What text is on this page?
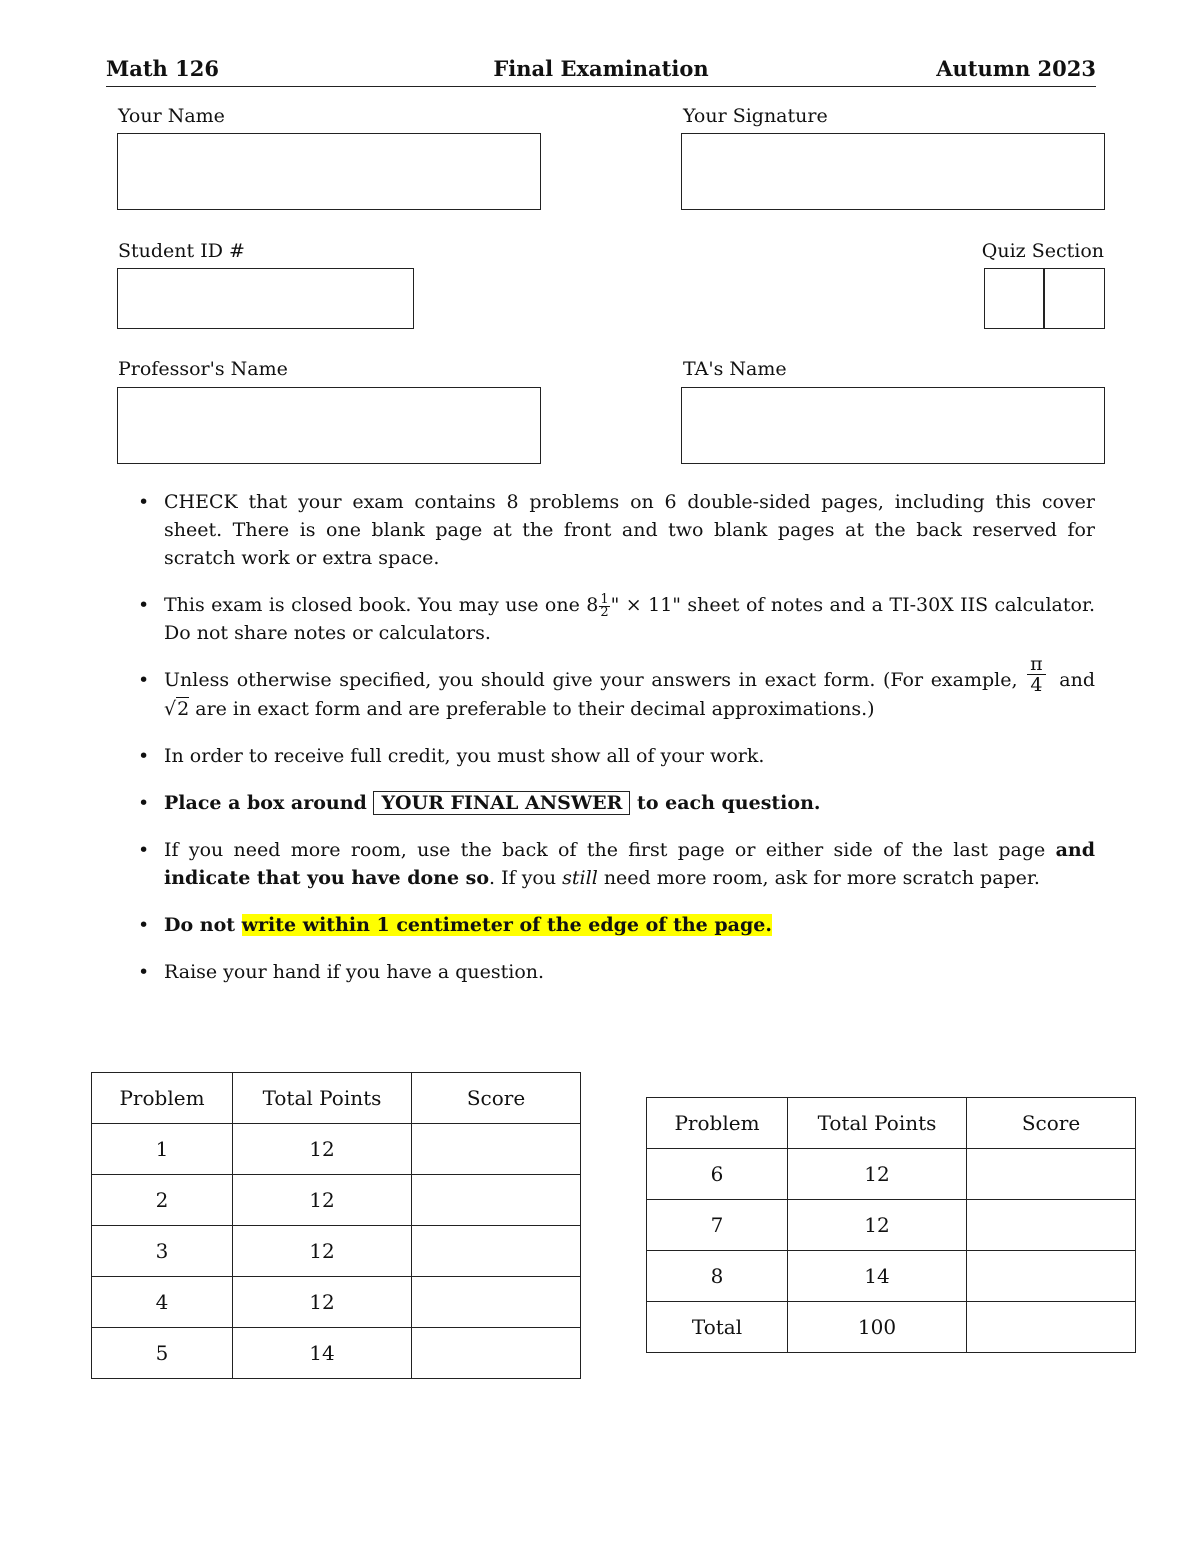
Math 126	Final Examination	Autumn 2023
Your Name	Your Signature
Student ID #	Quiz Section
Professor's Name	TA's Name
• CHECK that your exam contains 8 problems on 6 double-sided pages, including this cover sheet. There is one blank page at the front and two blank pages at the back reserved for scratch work or extra space.
• This exam is closed book. You may use one $8 \frac{1}{2}$ " × 11" sheet of notes and a TI-30X IIS calculator. Do not share notes or calculators.
• Unless otherwise specified, you should give your answers in exact form. (For example, $\frac{\pi}{4}$ and √2 are in exact form and are preferable to their decimal approximations.)
• In order to receive full credit, you must show all of your work.
• Place a box around YOUR FINAL ANSWER to each question.
• If you need more room, use the back of the first page or either side of the last page and indicate that you have done so. If you still need more room, ask for more scratch paper.
• Do not write within 1 centimeter of the edge of the page.
• Raise your hand if you have a question.
Problem	Total Points	Score
1	12	
2	12	
3	12	
4	12	
5	14	
Problem	Total Points	Score
6	12	
7	12	
8	14	
Total	100	
